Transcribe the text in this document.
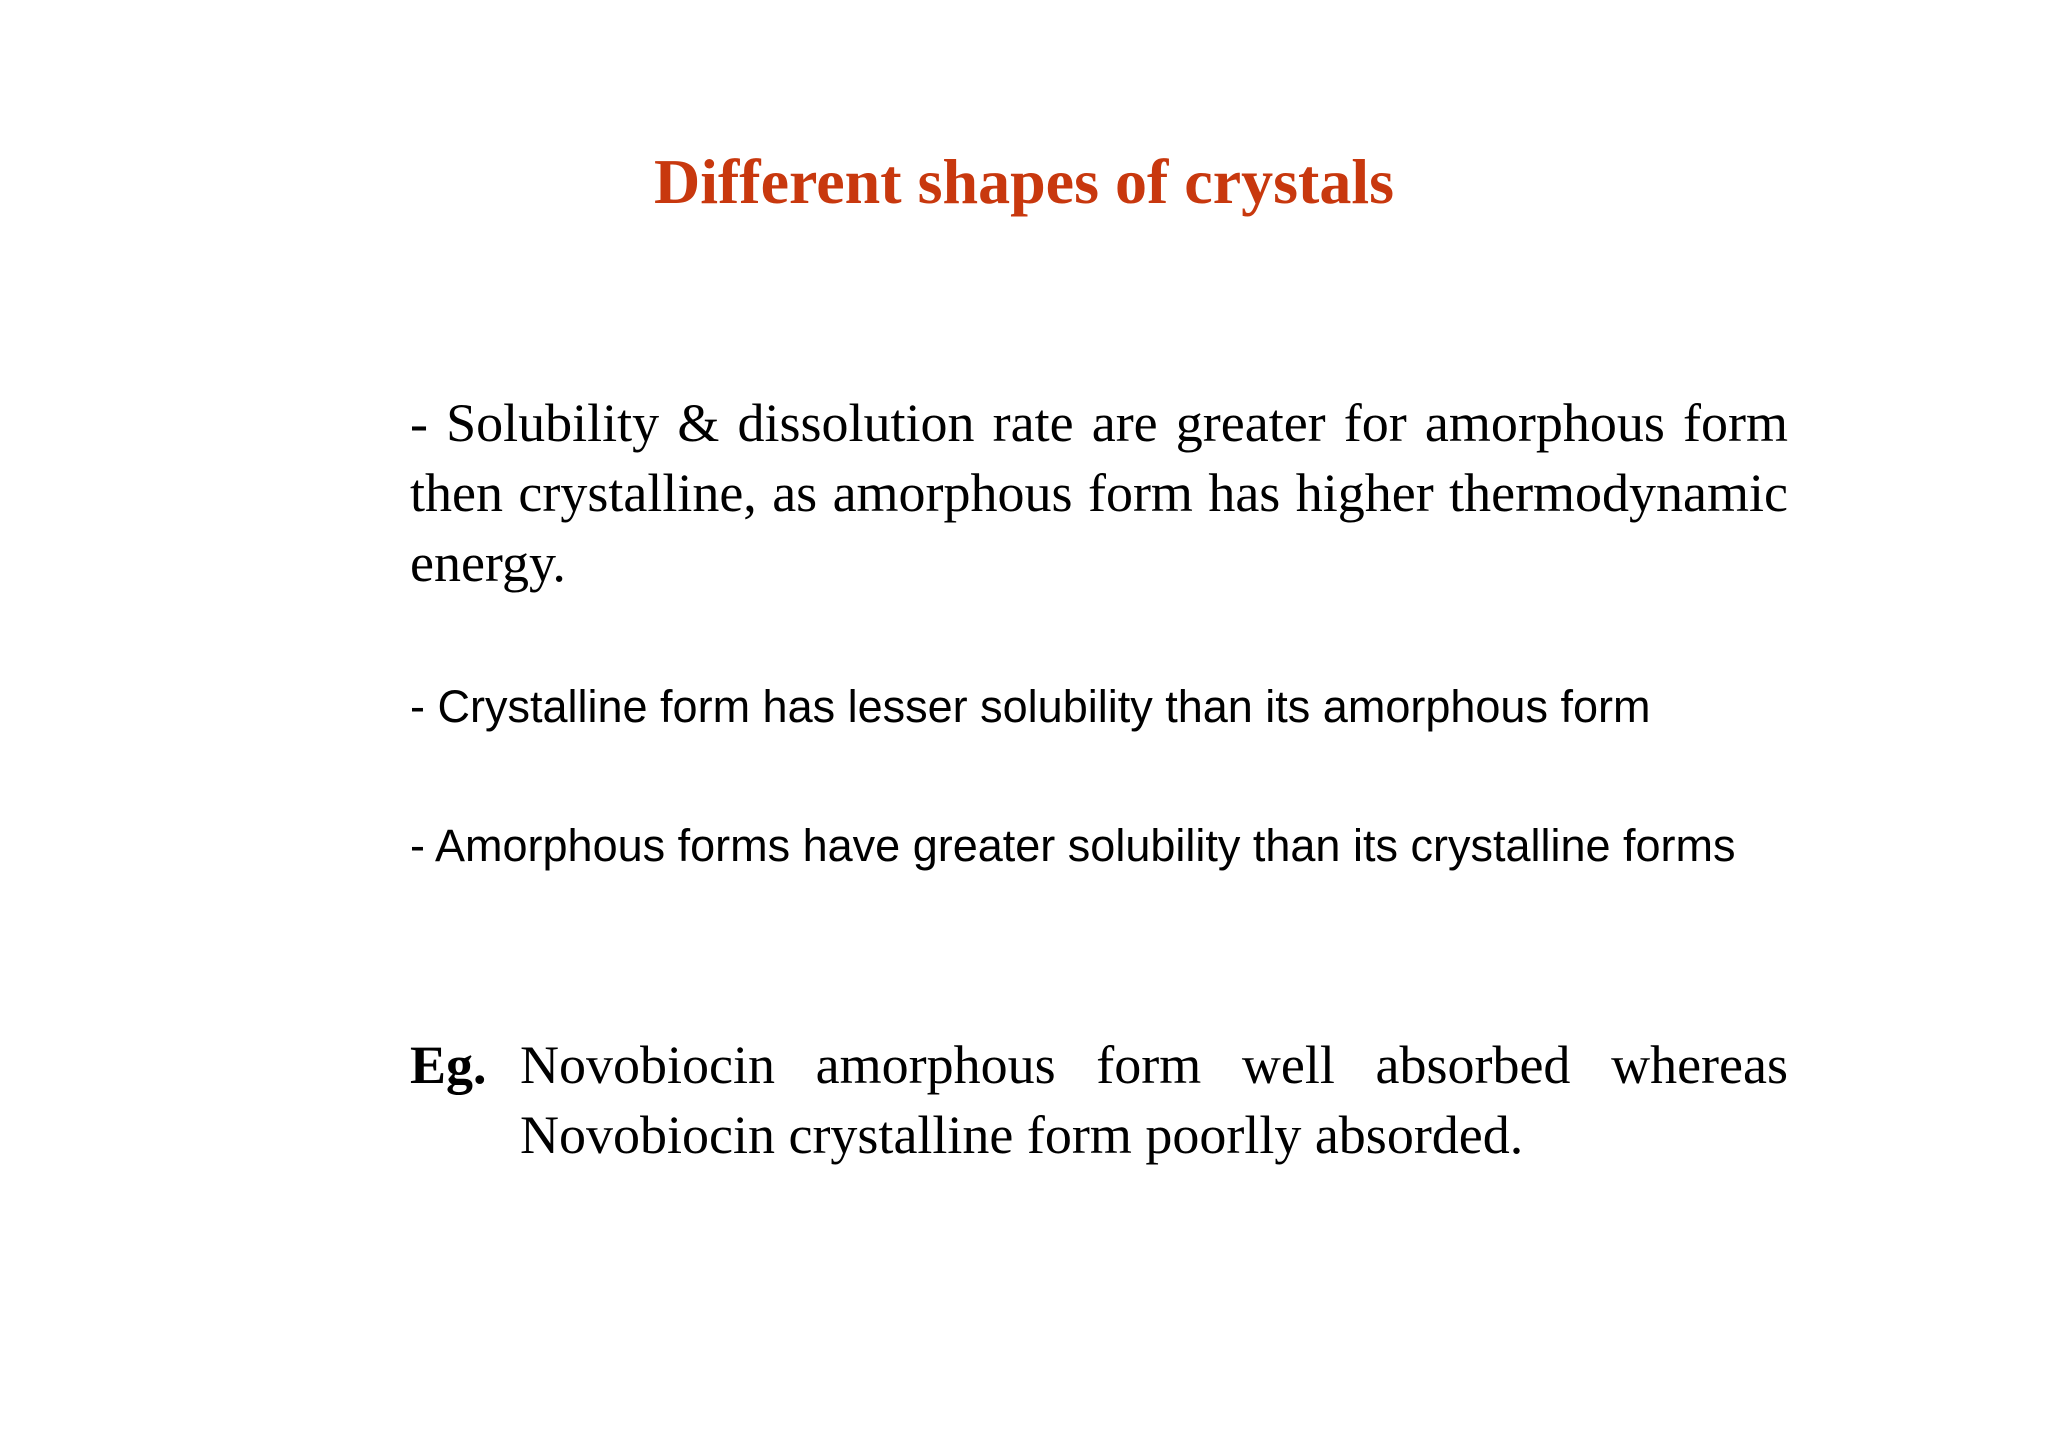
Different shapes of crystals

- Solubility & dissolution rate are greater for amorphous form then crystalline, as amorphous form has higher thermodynamic energy.

- Crystalline form has lesser solubility than its amorphous form

- Amorphous forms have greater solubility than its crystalline forms

Eg. Novobiocin amorphous form well absorbed whereas Novobiocin crystalline form poorlly absorded.
